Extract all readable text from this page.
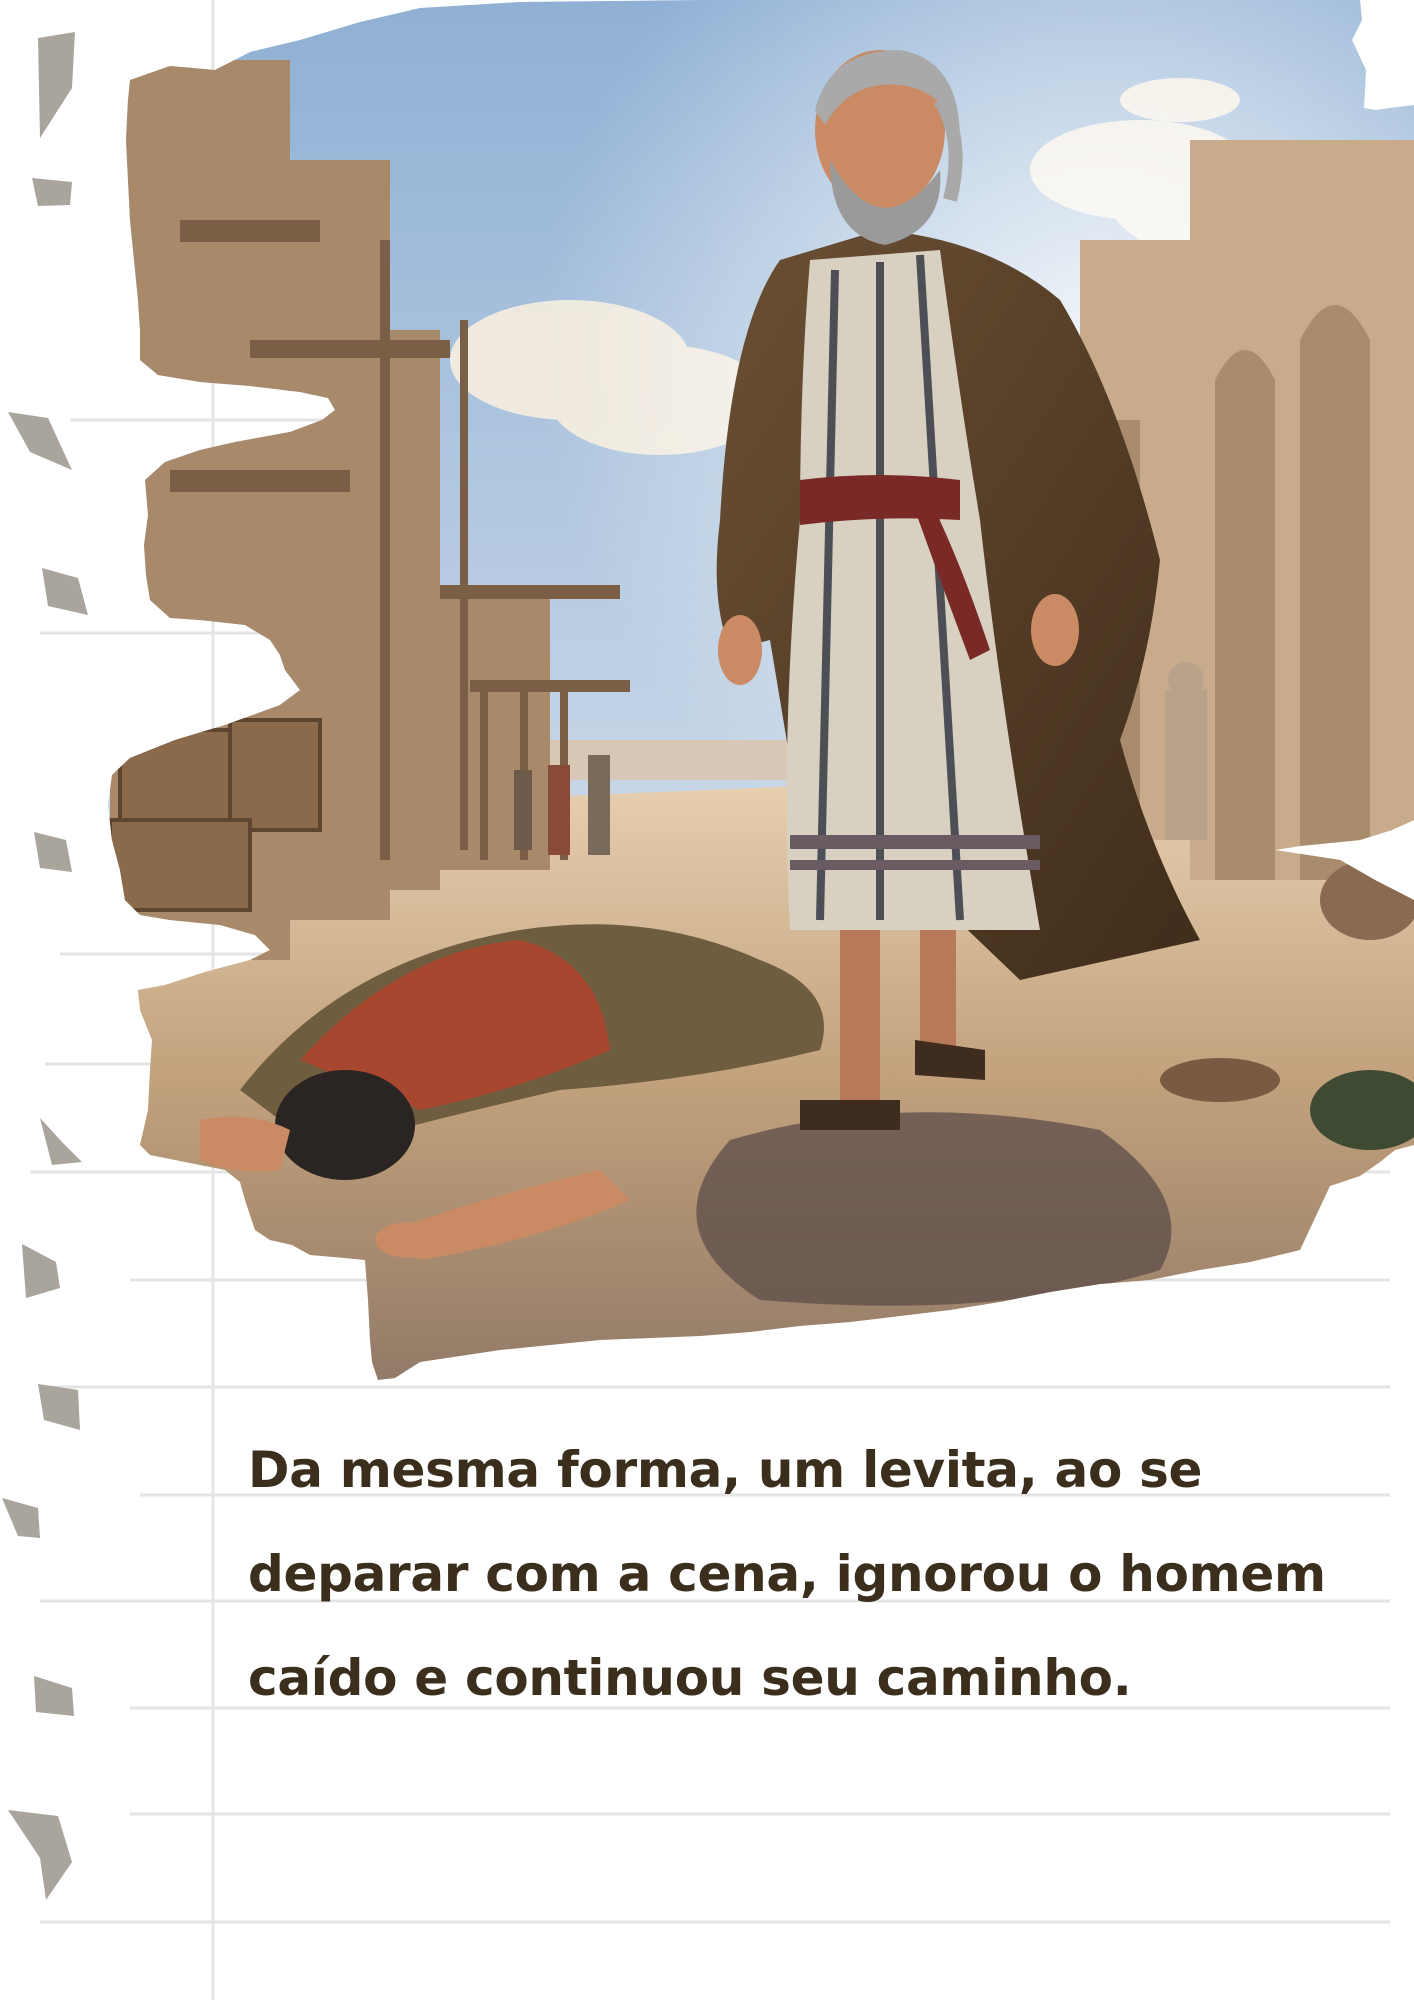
Da mesma forma, um levita, ao se deparar com a cena, ignorou o homem caído e continuou seu caminho.
